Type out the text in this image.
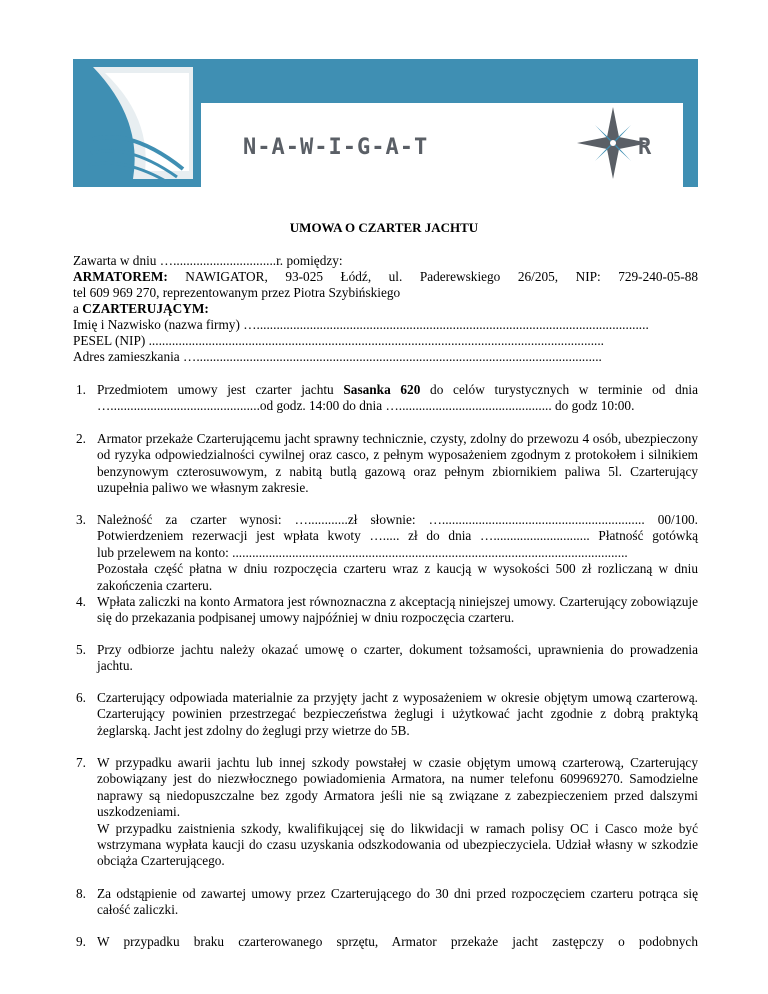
N-A-W-I-G-A-T	R
UMOWA O CZARTER JACHTU
Zawarta w dniu …...............................r. pomiędzy:
ARMATOREM: NAWIGATOR, 93-025 Łódź, ul. Paderewskiego 26/205, NIP: 729-240-05-88
tel 609 969 270, reprezentowanym przez Piotra Szybińskiego
a CZARTERUJĄCYM:
Imię i Nazwisko (nazwa firmy) …......................................................................................................................
PESEL (NIP) .........................................................................................................................................
Adres zamieszkania …..........................................................................................................................
1. Przedmiotem umowy jest czarter jachtu Sasanka 620 do celów turystycznych w terminie od dnia
….............................................od godz. 14:00 do dnia ….............................................. do godz 10:00.
2. Armator przekaże Czarterującemu jacht sprawny technicznie, czysty, zdolny do przewozu 4 osób, ubezpieczony od ryzyka odpowiedzialności cywilnej oraz casco, z pełnym wyposażeniem zgodnym z protokołem i silnikiem benzynowym czterosuwowym, z nabitą butlą gazową oraz pełnym zbiornikiem paliwa 5l. Czarterujący uzupełnia paliwo we własnym zakresie.
3. Należność za czarter wynosi: …............zł słownie: …............................................................. 00/100.
Potwierdzeniem rezerwacji jest wpłata kwoty …..... zł do dnia …............................. Płatność gotówką
lub przelewem na konto: .......................................................................................................................
Pozostała część płatna w dniu rozpoczęcia czarteru wraz z kaucją w wysokości 500 zł rozliczaną w dniu zakończenia czarteru.
4. Wpłata zaliczki na konto Armatora jest równoznaczna z akceptacją niniejszej umowy. Czarterujący zobowiązuje się do przekazania podpisanej umowy najpóźniej w dniu rozpoczęcia czarteru.
5. Przy odbiorze jachtu należy okazać umowę o czarter, dokument tożsamości, uprawnienia do prowadzenia jachtu.
6. Czarterujący odpowiada materialnie za przyjęty jacht z wyposażeniem w okresie objętym umową czarterową. Czarterujący powinien przestrzegać bezpieczeństwa żeglugi i użytkować jacht zgodnie z dobrą praktyką żeglarską. Jacht jest zdolny do żeglugi przy wietrze do 5B.
7. W przypadku awarii jachtu lub innej szkody powstałej w czasie objętym umową czarterową, Czarterujący zobowiązany jest do niezwłocznego powiadomienia Armatora, na numer telefonu 609969270. Samodzielne naprawy są niedopuszczalne bez zgody Armatora jeśli nie są związane z zabezpieczeniem przed dalszymi uszkodzeniami.
W przypadku zaistnienia szkody, kwalifikującej się do likwidacji w ramach polisy OC i Casco może być wstrzymana wypłata kaucji do czasu uzyskania odszkodowania od ubezpieczyciela. Udział własny w szkodzie obciąża Czarterującego.
8. Za odstąpienie od zawartej umowy przez Czarterującego do 30 dni przed rozpoczęciem czarteru potrąca się całość zaliczki.
9. W przypadku braku czarterowanego sprzętu, Armator przekaże jacht zastępczy o podobnych
